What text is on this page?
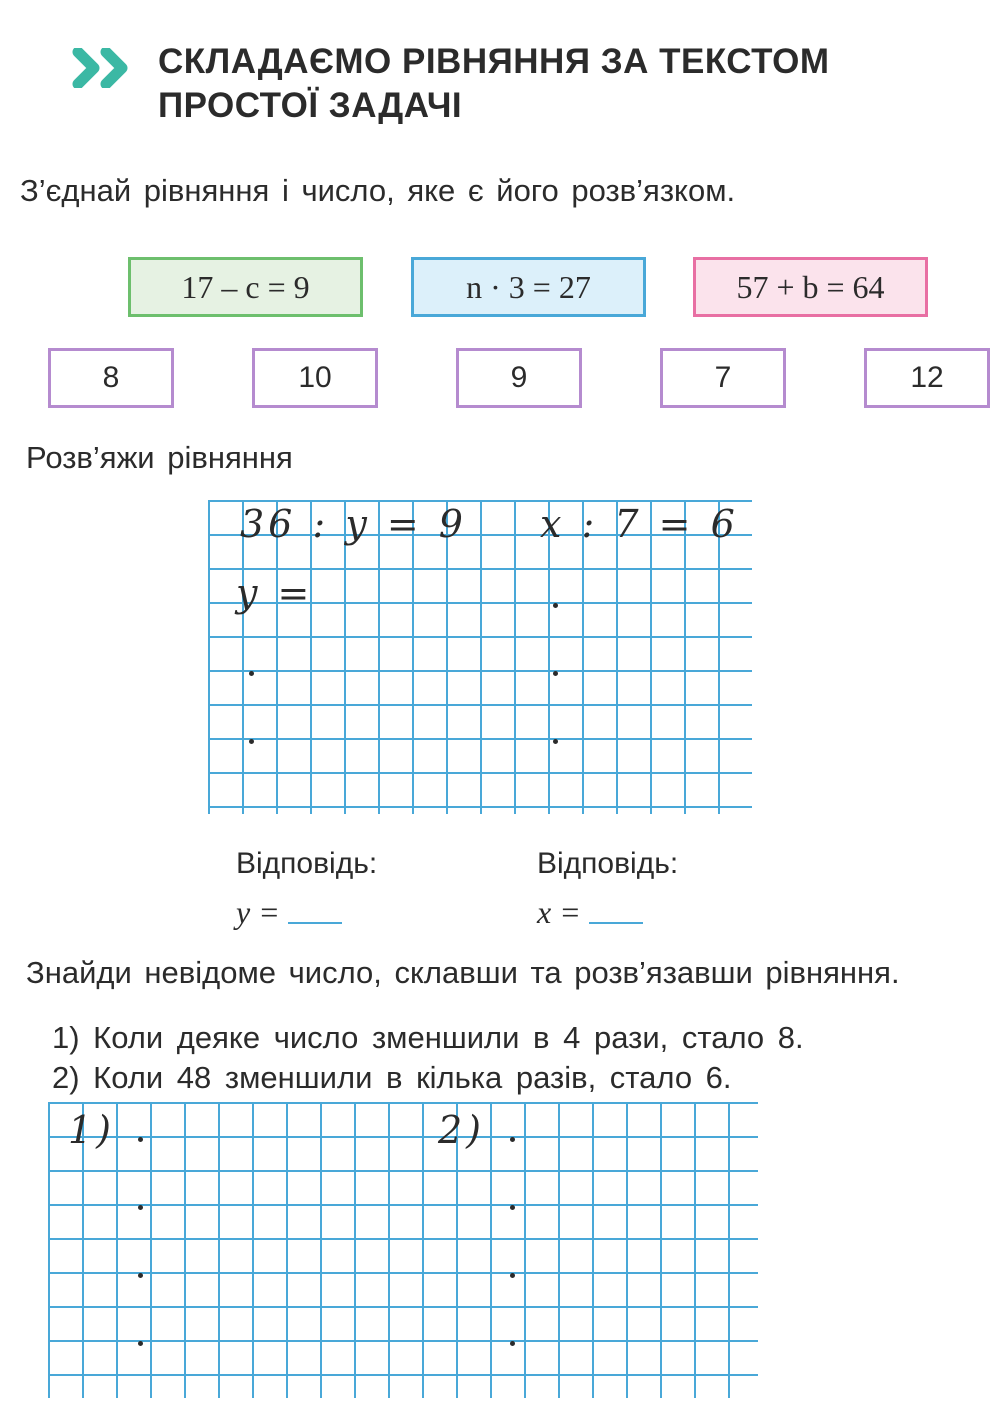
СКЛАДАЄМО РІВНЯННЯ ЗА ТЕКСТОМ
ПРОСТОЇ ЗАДАЧІ
З’єднай рівняння і число, яке є його розв’язком.
17 – c = 9	n · 3 = 27	57 + b = 64
8	10	9	7	12
Розв’яжи рівняння
36 : y = 9 x : 7 = 6
y =
Відповідь:	Відповідь:
y =	x =
Знайди невідоме число, склавши та розв’язавши рівняння.
1) Коли деяке число зменшили в 4 рази, стало 8.
2) Коли 48 зменшили в кілька разів, стало 6.
1)	2)
